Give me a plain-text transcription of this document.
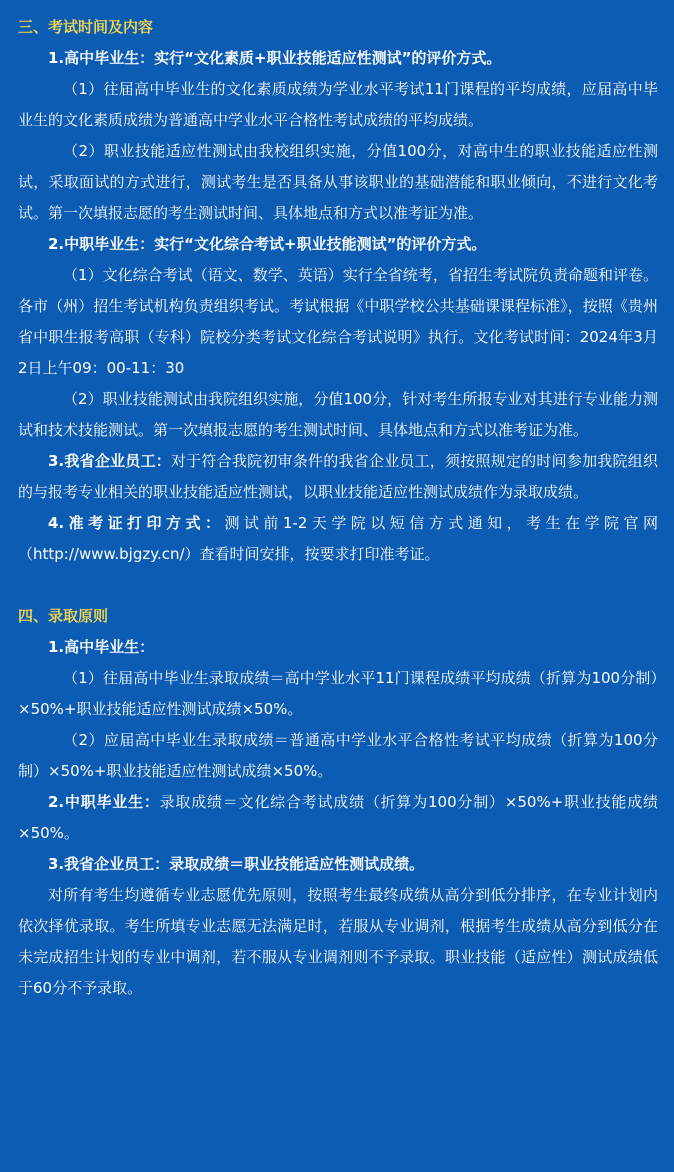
三、考试时间及内容

1.高中毕业生：实行“文化素质+职业技能适应性测试”的评价方式。

（1）往届高中毕业生的文化素质成绩为学业水平考试11门课程的平均成绩，应届高中毕业生的文化素质成绩为普通高中学业水平合格性考试成绩的平均成绩。

（2）职业技能适应性测试由我校组织实施，分值100分，对高中生的职业技能适应性测试，采取面试的方式进行，测试考生是否具备从事该职业的基础潜能和职业倾向，不进行文化考试。第一次填报志愿的考生测试时间、具体地点和方式以准考证为准。

2.中职毕业生：实行“文化综合考试+职业技能测试”的评价方式。

（1）文化综合考试（语文、数学、英语）实行全省统考，省招生考试院负责命题和评卷。各市（州）招生考试机构负责组织考试。考试根据《中职学校公共基础课课程标准》，按照《贵州省中职生报考高职（专科）院校分类考试文化综合考试说明》执行。文化考试时间：2024年3月2日上午09：00-11：30

（2）职业技能测试由我院组织实施，分值100分，针对考生所报专业对其进行专业能力测试和技术技能测试。第一次填报志愿的考生测试时间、具体地点和方式以准考证为准。

3.我省企业员工：对于符合我院初审条件的我省企业员工，须按照规定的时间参加我院组织的与报考专业相关的职业技能适应性测试，以职业技能适应性测试成绩作为录取成绩。

4.准考证打印方式：测试前1-2天学院以短信方式通知，考生在学院官网（http://www.bjgzy.cn/）查看时间安排，按要求打印准考证。

四、录取原则

1.高中毕业生：

（1）往届高中毕业生录取成绩＝高中学业水平11门课程成绩平均成绩（折算为100分制）×50%+职业技能适应性测试成绩×50%。

（2）应届高中毕业生录取成绩＝普通高中学业水平合格性考试平均成绩（折算为100分制）×50%+职业技能适应性测试成绩×50%。

2.中职毕业生：录取成绩＝文化综合考试成绩（折算为100分制）×50%+职业技能成绩×50%。

3.我省企业员工：录取成绩＝职业技能适应性测试成绩。

对所有考生均遵循专业志愿优先原则，按照考生最终成绩从高分到低分排序，在专业计划内依次择优录取。考生所填专业志愿无法满足时，若服从专业调剂，根据考生成绩从高分到低分在未完成招生计划的专业中调剂，若不服从专业调剂则不予录取。职业技能（适应性）测试成绩低于60分不予录取。
